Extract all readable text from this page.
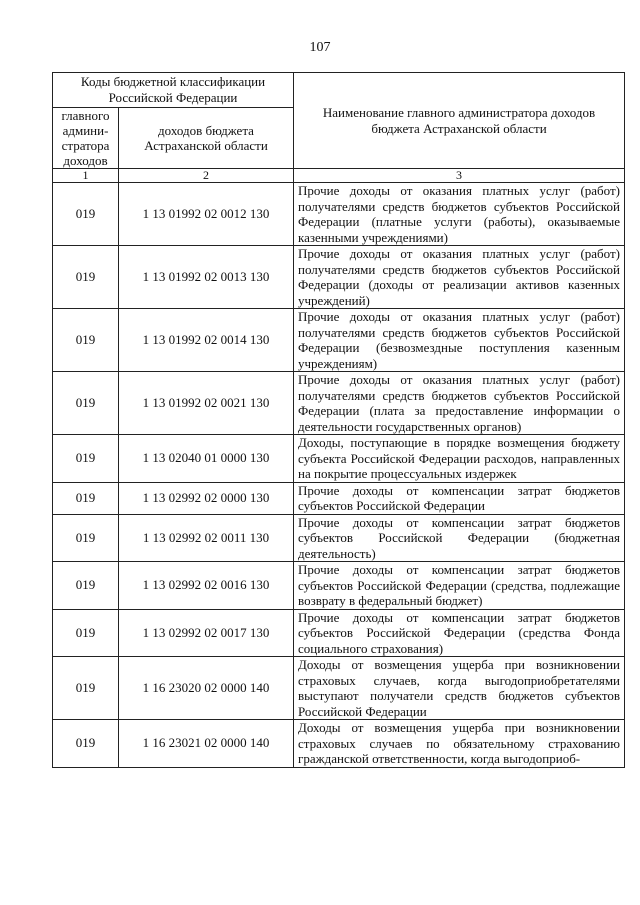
107
Коды бюджетной классификации Российской Федерации		Наименование главного администратора доходов бюджета Астраханской области
главного админи-стратора доходов	доходов бюджета Астраханской области	
1	2	3
019	1 13 01992 02 0012 130	Прочие доходы от оказания платных услуг (работ) получателями средств бюджетов субъектов Российской Федерации (платные услуги (работы), оказываемые казенными учреждениями)
019	1 13 01992 02 0013 130	Прочие доходы от оказания платных услуг (работ) получателями средств бюджетов субъектов Российской Федерации (доходы от реализации активов казенных учреждений)
019	1 13 01992 02 0014 130	Прочие доходы от оказания платных услуг (работ) получателями средств бюджетов субъектов Российской Федерации (безвозмездные поступления казенным учреждениям)
019	1 13 01992 02 0021 130	Прочие доходы от оказания платных услуг (работ) получателями средств бюджетов субъектов Российской Федерации (плата за предоставление информации о деятельности государственных органов)
019	1 13 02040 01 0000 130	Доходы, поступающие в порядке возмещения бюджету субъекта Российской Федерации расходов, направленных на покрытие процессуальных издержек
019	1 13 02992 02 0000 130	Прочие доходы от компенсации затрат бюджетов субъектов Российской Федерации
019	1 13 02992 02 0011 130	Прочие доходы от компенсации затрат бюджетов субъектов Российской Федерации (бюджетная деятельность)
019	1 13 02992 02 0016 130	Прочие доходы от компенсации затрат бюджетов субъектов Российской Федерации (средства, подлежащие возврату в федеральный бюджет)
019	1 13 02992 02 0017 130	Прочие доходы от компенсации затрат бюджетов субъектов Российской Федерации (средства Фонда социального страхования)
019	1 16 23020 02 0000 140	Доходы от возмещения ущерба при возникновении страховых случаев, когда выгодоприобретателями выступают получатели средств бюджетов субъектов Российской Федерации
019	1 16 23021 02 0000 140	Доходы от возмещения ущерба при возникновении страховых случаев по обязательному страхованию гражданской ответственности, когда выгодоприоб-
